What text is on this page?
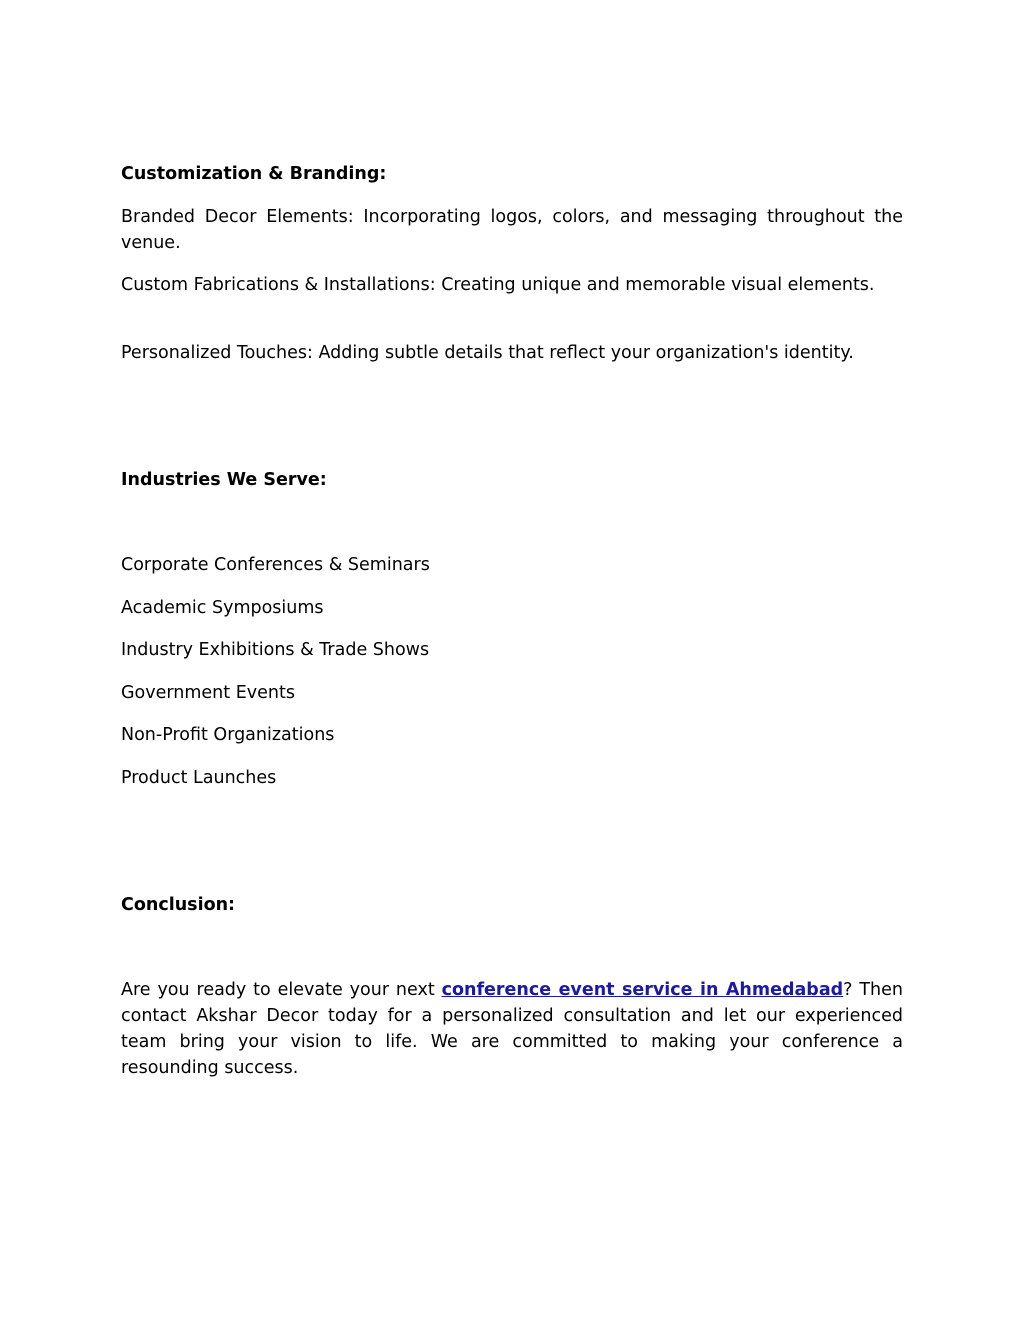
Customization & Branding:

Branded Decor Elements: Incorporating logos, colors, and messaging throughout the venue.

Custom Fabrications & Installations: Creating unique and memorable visual elements.

Personalized Touches: Adding subtle details that reflect your organization's identity.

Industries We Serve:

Corporate Conferences & Seminars

Academic Symposiums

Industry Exhibitions & Trade Shows

Government Events

Non-Profit Organizations

Product Launches

Conclusion:

Are you ready to elevate your next conference event service in Ahmedabad? Then contact Akshar Decor today for a personalized consultation and let our experienced team bring your vision to life. We are committed to making your conference a resounding success.
